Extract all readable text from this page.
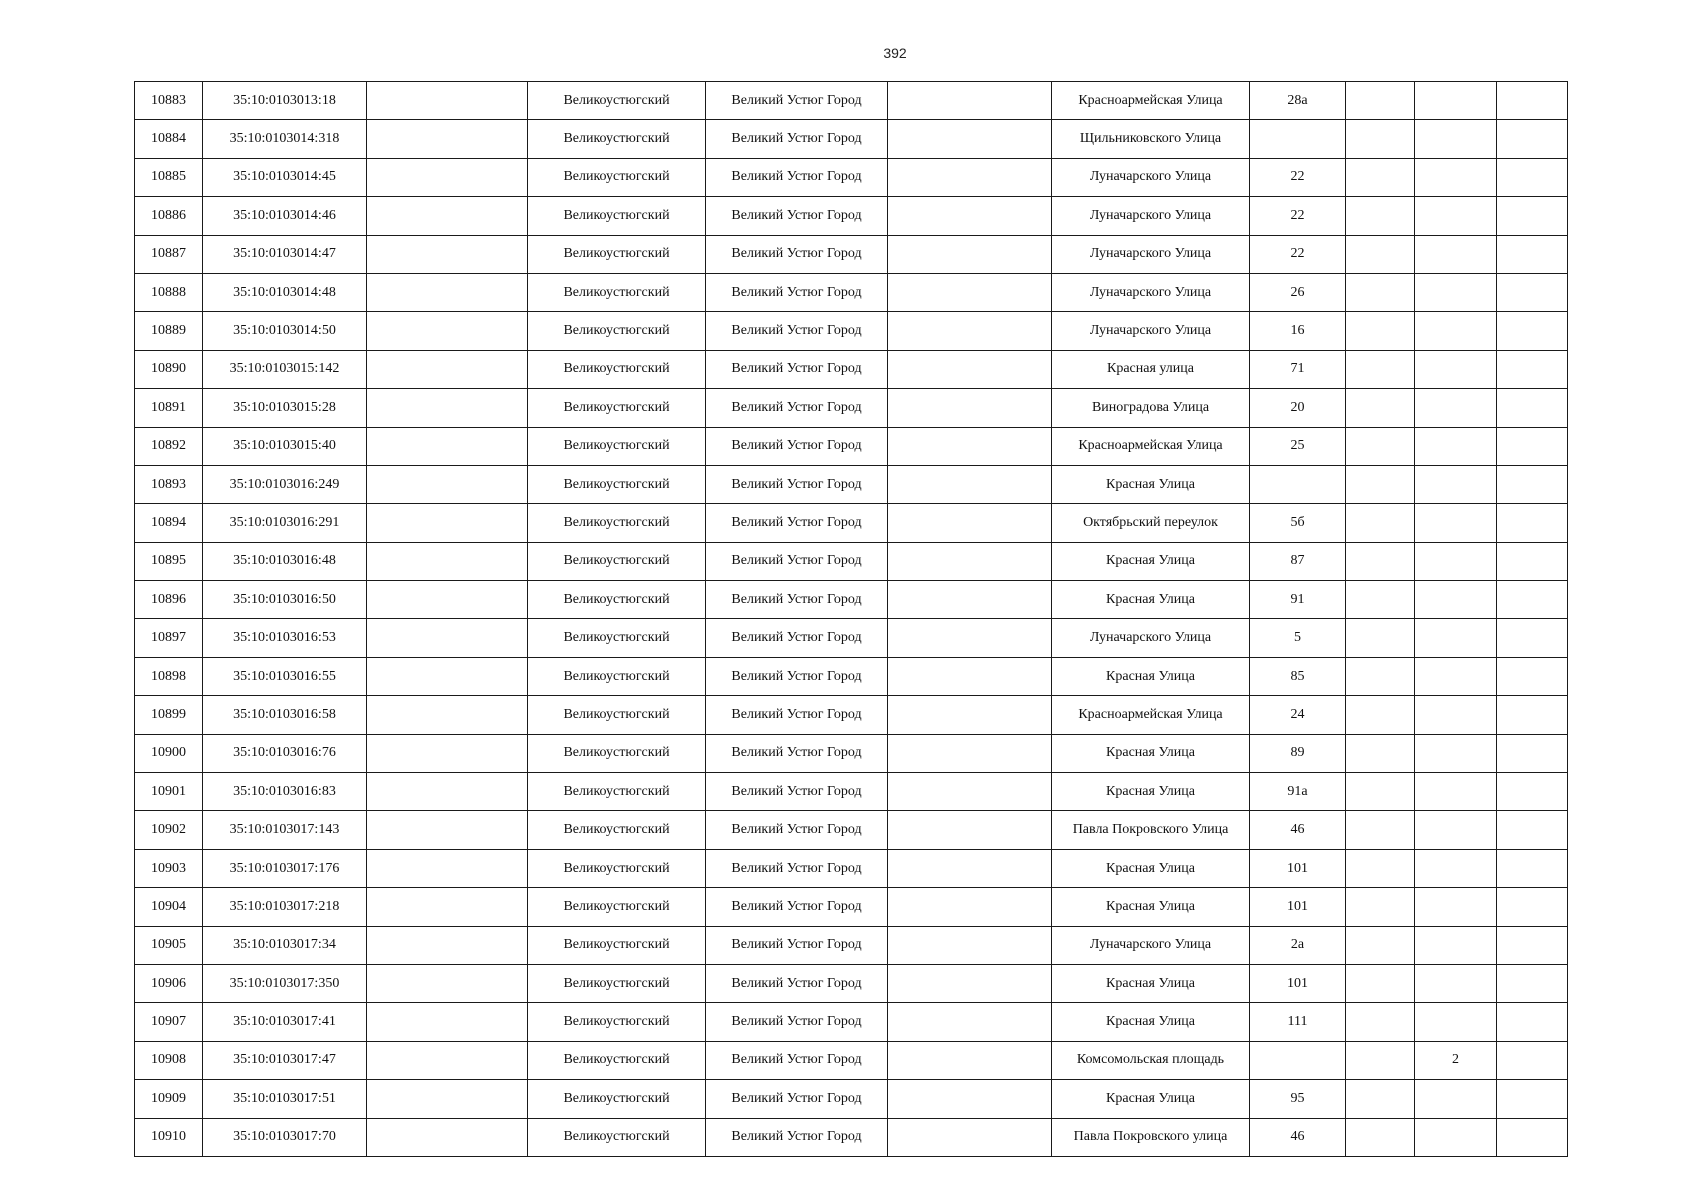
392
10883	35:10:0103013:18		Великоустюгский	Великий Устюг Город		Красноармейская Улица	28а			
10884	35:10:0103014:318		Великоустюгский	Великий Устюг Город		Щильниковского Улица				
10885	35:10:0103014:45		Великоустюгский	Великий Устюг Город		Луначарского Улица	22			
10886	35:10:0103014:46		Великоустюгский	Великий Устюг Город		Луначарского Улица	22			
10887	35:10:0103014:47		Великоустюгский	Великий Устюг Город		Луначарского Улица	22			
10888	35:10:0103014:48		Великоустюгский	Великий Устюг Город		Луначарского Улица	26			
10889	35:10:0103014:50		Великоустюгский	Великий Устюг Город		Луначарского Улица	16			
10890	35:10:0103015:142		Великоустюгский	Великий Устюг Город		Красная улица	71			
10891	35:10:0103015:28		Великоустюгский	Великий Устюг Город		Виноградова Улица	20			
10892	35:10:0103015:40		Великоустюгский	Великий Устюг Город		Красноармейская Улица	25			
10893	35:10:0103016:249		Великоустюгский	Великий Устюг Город		Красная Улица				
10894	35:10:0103016:291		Великоустюгский	Великий Устюг Город		Октябрьский переулок	5б			
10895	35:10:0103016:48		Великоустюгский	Великий Устюг Город		Красная Улица	87			
10896	35:10:0103016:50		Великоустюгский	Великий Устюг Город		Красная Улица	91			
10897	35:10:0103016:53		Великоустюгский	Великий Устюг Город		Луначарского Улица	5			
10898	35:10:0103016:55		Великоустюгский	Великий Устюг Город		Красная Улица	85			
10899	35:10:0103016:58		Великоустюгский	Великий Устюг Город		Красноармейская Улица	24			
10900	35:10:0103016:76		Великоустюгский	Великий Устюг Город		Красная Улица	89			
10901	35:10:0103016:83		Великоустюгский	Великий Устюг Город		Красная Улица	91а			
10902	35:10:0103017:143		Великоустюгский	Великий Устюг Город		Павла Покровского Улица	46			
10903	35:10:0103017:176		Великоустюгский	Великий Устюг Город		Красная Улица	101			
10904	35:10:0103017:218		Великоустюгский	Великий Устюг Город		Красная Улица	101			
10905	35:10:0103017:34		Великоустюгский	Великий Устюг Город		Луначарского Улица	2а			
10906	35:10:0103017:350		Великоустюгский	Великий Устюг Город		Красная Улица	101			
10907	35:10:0103017:41		Великоустюгский	Великий Устюг Город		Красная Улица	111			
10908	35:10:0103017:47		Великоустюгский	Великий Устюг Город		Комсомольская площадь			2	
10909	35:10:0103017:51		Великоустюгский	Великий Устюг Город		Красная Улица	95			
10910	35:10:0103017:70		Великоустюгский	Великий Устюг Город		Павла Покровского улица	46			
